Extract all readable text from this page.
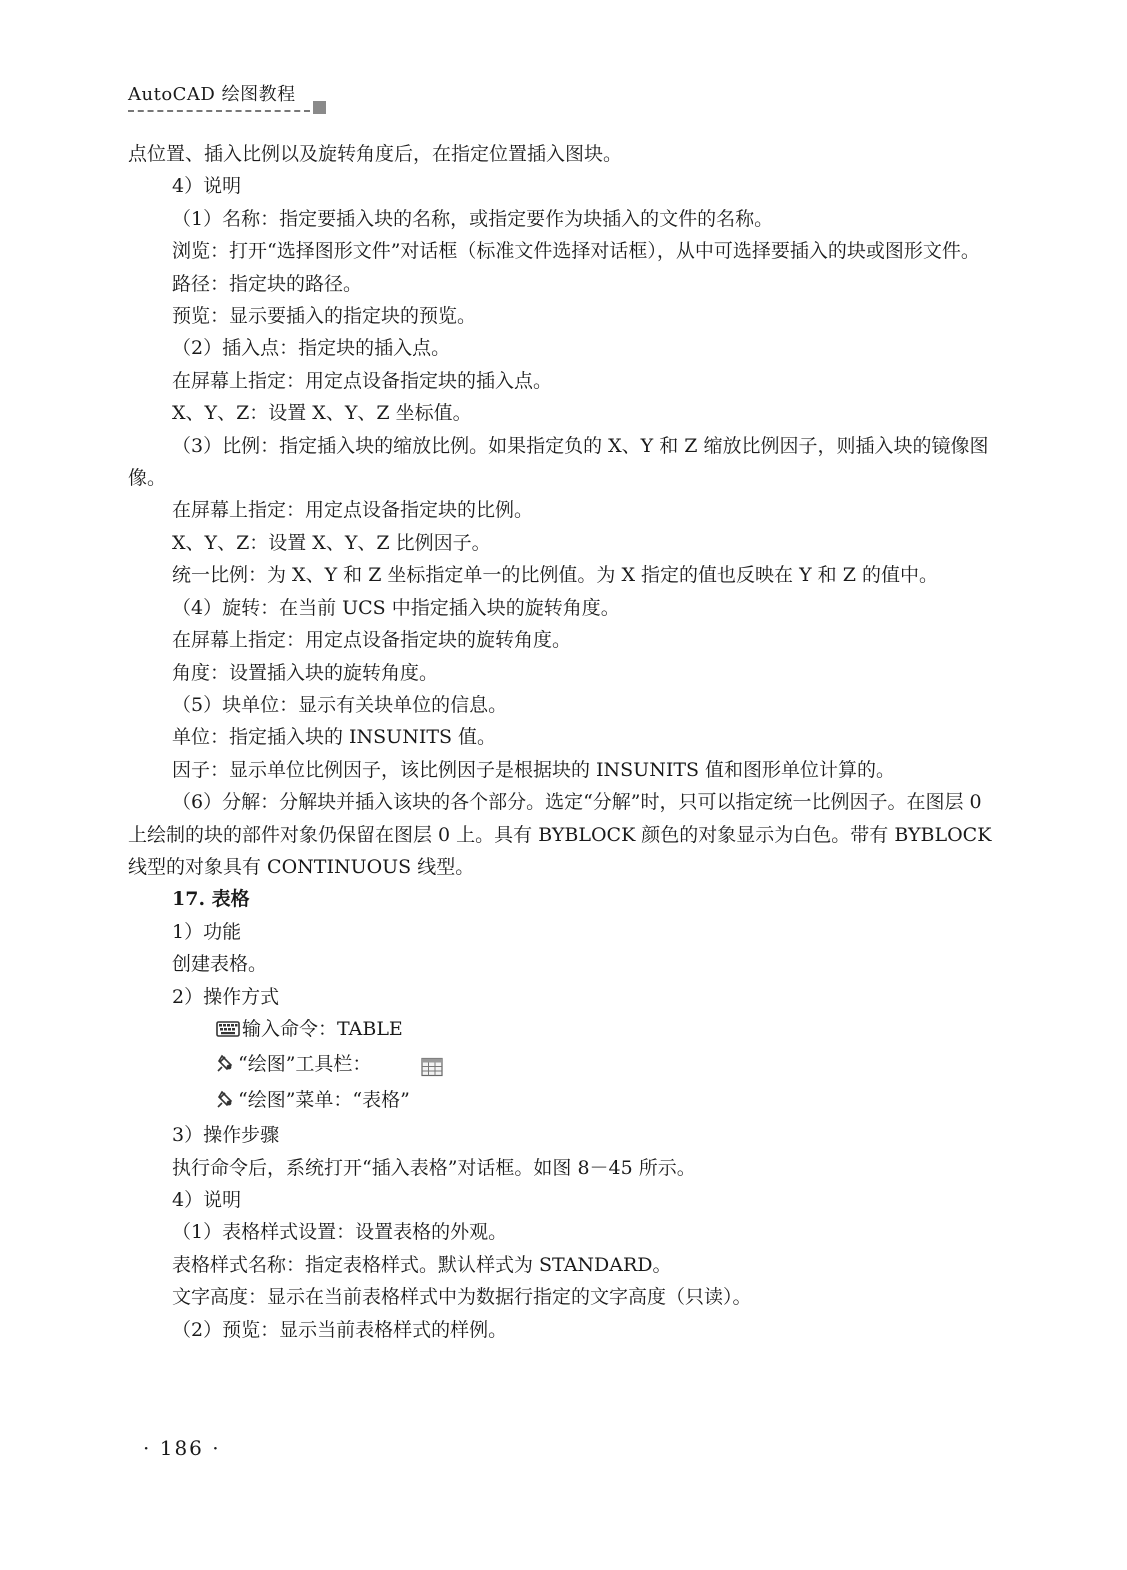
AutoCAD 绘图教程

点位置、插入比例以及旋转角度后，在指定位置插入图块。

4）说明

（1）名称：指定要插入块的名称，或指定要作为块插入的文件的名称。

浏览：打开“选择图形文件”对话框（标准文件选择对话框），从中可选择要插入的块或图形文件。

路径：指定块的路径。

预览：显示要插入的指定块的预览。

（2）插入点：指定块的插入点。

在屏幕上指定：用定点设备指定块的插入点。

X、Y、Z：设置 X、Y、Z 坐标值。

（3）比例：指定插入块的缩放比例。如果指定负的 X、Y 和 Z 缩放比例因子，则插入块的镜像图像。

在屏幕上指定：用定点设备指定块的比例。

X、Y、Z：设置 X、Y、Z 比例因子。

统一比例：为 X、Y 和 Z 坐标指定单一的比例值。为 X 指定的值也反映在 Y 和 Z 的值中。

（4）旋转：在当前 UCS 中指定插入块的旋转角度。

在屏幕上指定：用定点设备指定块的旋转角度。

角度：设置插入块的旋转角度。

（5）块单位：显示有关块单位的信息。

单位：指定插入块的 INSUNITS 值。

因子：显示单位比例因子，该比例因子是根据块的 INSUNITS 值和图形单位计算的。

（6）分解：分解块并插入该块的各个部分。选定“分解”时，只可以指定统一比例因子。在图层 0 上绘制的块的部件对象仍保留在图层 0 上。具有 BYBLOCK 颜色的对象显示为白色。带有 BYBLOCK 线型的对象具有 CONTINUOUS 线型。

17. 表格

1）功能

创建表格。

2）操作方式

输入命令：TABLE

“绘图”工具栏：

“绘图”菜单：“表格”

3）操作步骤

执行命令后，系统打开“插入表格”对话框。如图 8－45 所示。

4）说明

（1）表格样式设置：设置表格的外观。

表格样式名称：指定表格样式。默认样式为 STANDARD。

文字高度：显示在当前表格样式中为数据行指定的文字高度（只读）。

（2）预览：显示当前表格样式的样例。

· 186 ·
